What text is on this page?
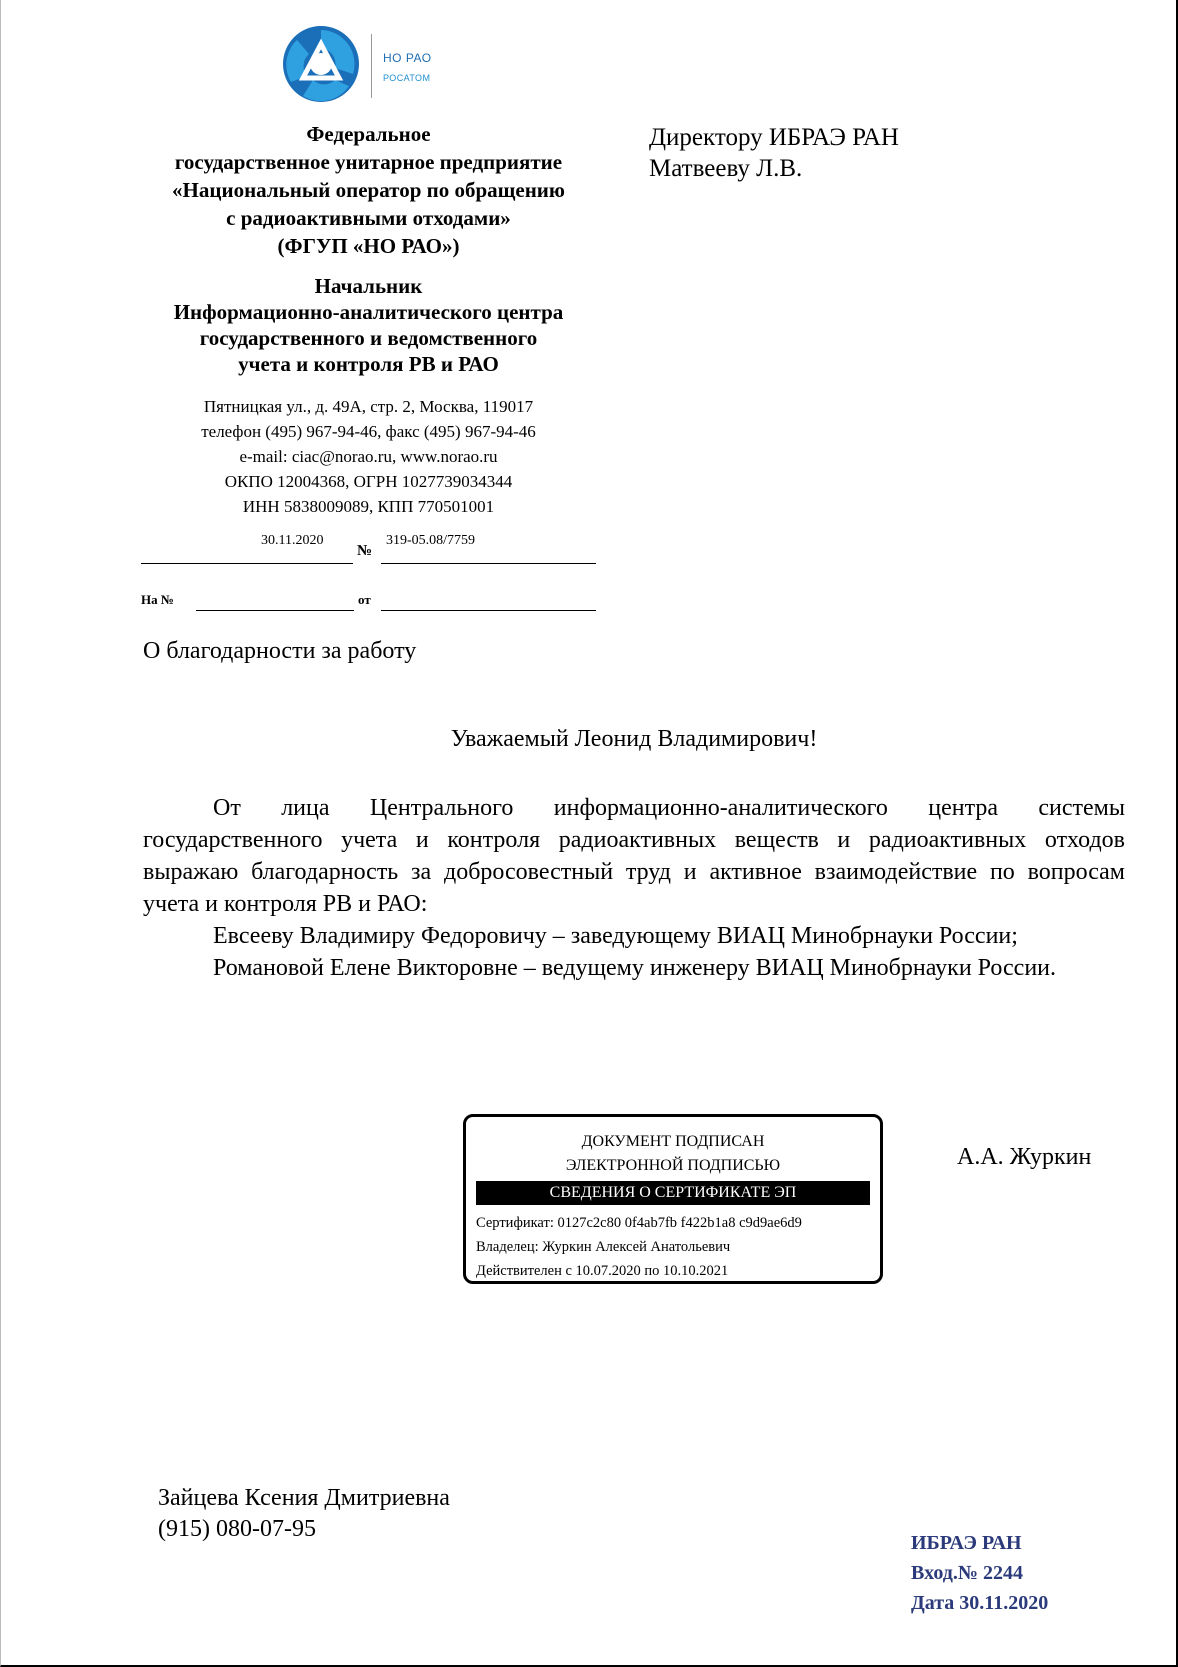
НО РАО
РОСАТОМ
Федеральное
государственное унитарное предприятие
«Национальный оператор по обращению
с радиоактивными отходами»
(ФГУП «НО РАО»)
Начальник
Информационно-аналитического центра
государственного и ведомственного
учета и контроля РВ и РАО
Пятницкая ул., д. 49А, стр. 2, Москва, 119017
телефон (495) 967-94-46, факс (495) 967-94-46
e-mail: ciac@norao.ru, www.norao.ru
ОКПО 12004368, ОГРН 1027739034344
ИНН 5838009089, КПП 770501001
30.11.2020
№
319-05.08/7759
На №	от
О благодарности за работу
Директору ИБРАЭ РАН
Матвееву Л.В.
Уважаемый Леонид Владимирович!

От лица Центрального информационно-аналитического центра системы государственного учета и контроля радиоактивных веществ и радиоактивных отходов выражаю благодарность за добросовестный труд и активное взаимодействие по вопросам учета и контроля РВ и РАО:

Евсееву Владимиру Федоровичу – заведующему ВИАЦ Минобрнауки России;

Романовой Елене Викторовне – ведущему инженеру ВИАЦ Минобрнауки России.

ДОКУМЕНТ ПОДПИСАН
ЭЛЕКТРОННОЙ ПОДПИСЬЮ
СВЕДЕНИЯ О СЕРТИФИКАТЕ ЭП
Сертификат: 0127c2c80 0f4ab7fb f422b1a8 c9d9ae6d9
Владелец: Журкин Алексей Анатольевич
Действителен с 10.07.2020 по 10.10.2021
А.А. Журкин
Зайцева Ксения Дмитриевна
(915) 080-07-95
ИБРАЭ РАН
Вход.№ 2244
Дата 30.11.2020
